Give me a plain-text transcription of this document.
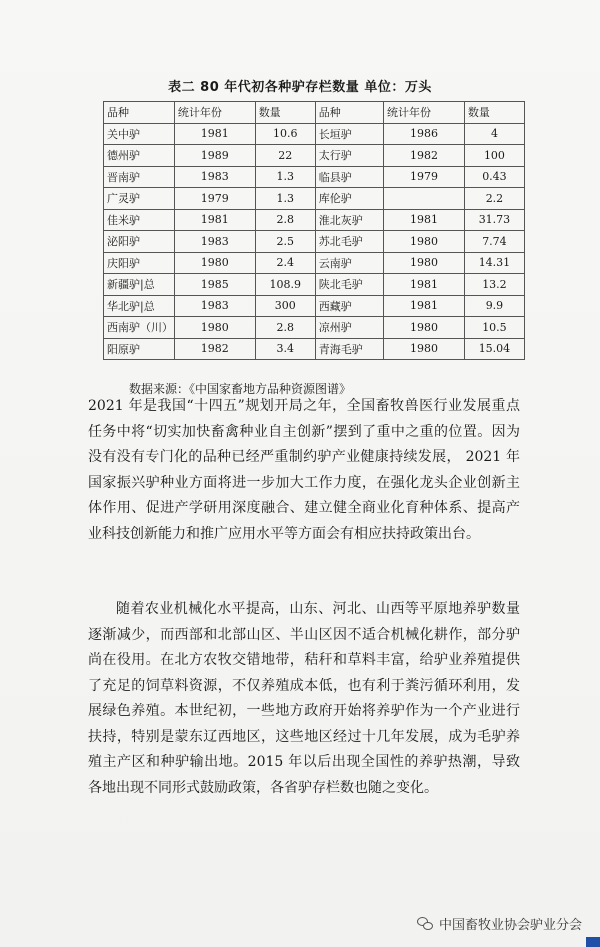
表二 80 年代初各种驴存栏数量 单位：万头
品种	统计年份	数量	品种	统计年份	数量
关中驴	1981	10.6	长垣驴	1986	4
德州驴	1989	22	太行驴	1982	100
晋南驴	1983	1.3	临县驴	1979	0.43
广灵驴	1979	1.3	库伦驴		2.2
佳米驴	1981	2.8	淮北灰驴	1981	31.73
泌阳驴	1983	2.5	苏北毛驴	1980	7.74
庆阳驴	1980	2.4	云南驴	1980	14.31
新疆驴|总	1985	108.9	陕北毛驴	1981	13.2
华北驴|总	1983	300	西藏驴	1981	9.9
西南驴（川）	1980	2.8	凉州驴	1980	10.5
阳原驴	1982	3.4	青海毛驴	1980	15.04
数据来源：《中国家畜地方品种资源图谱》

2021 年是我国“十四五”规划开局之年，全国畜牧兽医行业发展重点任务中将“切实加快畜禽种业自主创新”摆到了重中之重的位置。因为没有没有专门化的品种已经严重制约驴产业健康持续发展， 2021 年国家振兴驴种业方面将进一步加大工作力度，在强化龙头企业创新主体作用、促进产学研用深度融合、建立健全商业化育种体系、提高产业科技创新能力和推广应用水平等方面会有相应扶持政策出台。

随着农业机械化水平提高，山东、河北、山西等平原地养驴数量逐渐减少，而西部和北部山区、半山区因不适合机械化耕作，部分驴尚在役用。在北方农牧交错地带，秸秆和草料丰富，给驴业养殖提供了充足的饲草料资源，不仅养殖成本低，也有利于粪污循环利用，发展绿色养殖。本世纪初，一些地方政府开始将养驴作为一个产业进行扶持，特别是蒙东辽西地区，这些地区经过十几年发展，成为毛驴养殖主产区和种驴输出地。2015 年以后出现全国性的养驴热潮，导致各地出现不同形式鼓励政策，各省驴存栏数也随之变化。

中国畜牧业协会驴业分会
